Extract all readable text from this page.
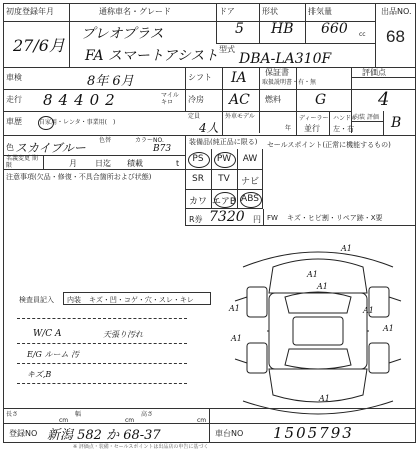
初度登録年月
27/6月
通称車名・グレード
プレオプラス
FA スマートアシスト
ドア
5
形状
HB
排気量
660 cc
型式
DBA-LA310F
出品NO.
68
車検	8年 6月	シフト IA 保証書
取扱説明書・有・無
評価点
4
走行 84402	マイル キロ	冷房 AC 燃料 G
車歴	自家用・レンタ・事業用(　)
定員
4人
外車モデル
年
ディーラー
並行
ハンドル
左・右
内装 評価 B
色 スカイブルー
色替	カラーNO.
B73
名義変更 期限	月 日迄 積載	t
注意事項(欠品・修復・不具合箇所および状態)
装備品(純正品に限る)
R券 7320 円
セールスポイント(正常に機能するもの)
FW キズ・ヒビ割・リペア跡・X要
A1
A1
A1
A1	A1
A1
A1
A1
検査員記入 内装 キズ・凹・コゲ・穴・スレ・キレ
W/C A	天張り汚れ
E/G ルーム 汚
キズ,B
長さ
cm
幅
cm
高さ
cm
登録NO 新潟 582 か 68-37	車台NO 1505793
※ 評価点・装備・セールスポイントは出品店の申告に基づく
PS	PW	AW
SR	TV	ナビ
カワ エアB ABS
